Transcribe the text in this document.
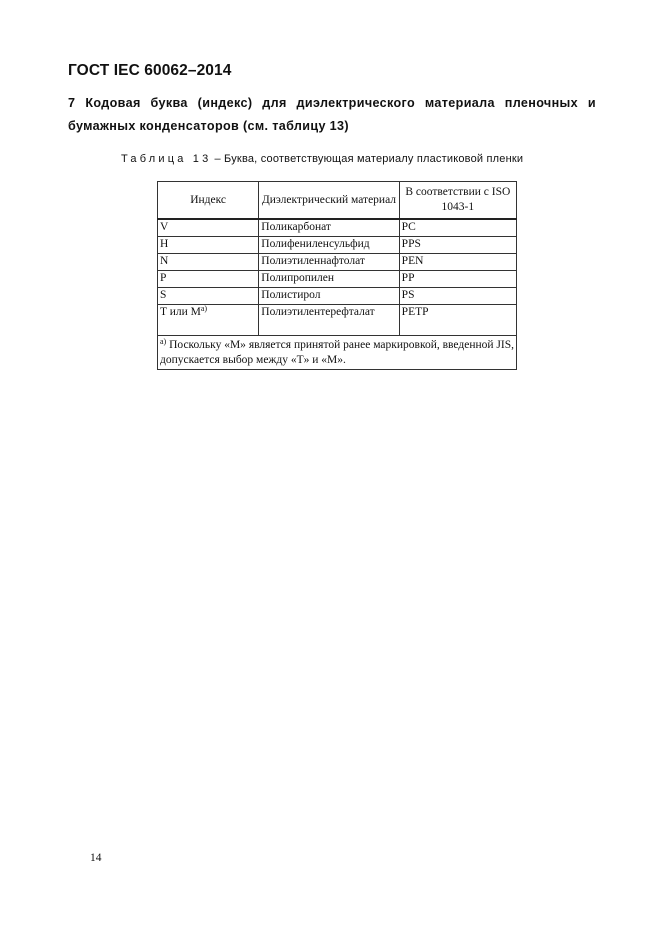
ГОСТ IEC 60062–2014
7 Кодовая буква (индекс) для диэлектрического материала пленочных и бумажных конденсаторов (см. таблицу 13)
Таблица 13 – Буква, соответствующая материалу пластиковой пленки
Индекс	Диэлектрический материал	В соответствии с ISO 1043-1
V	Поликарбонат	PC
H	Полифениленсульфид	PPS
N	Полиэтиленнафтолат	PEN
P	Полипропилен	PP
S	Полистирол	PS
T или $M^{a)}$	Полиэтилентерефталат	PETP
$^{a)}$ Поскольку «M» является принятой ранее маркировкой, введенной JIS, допускается выбор между «T» и «M».		
14
